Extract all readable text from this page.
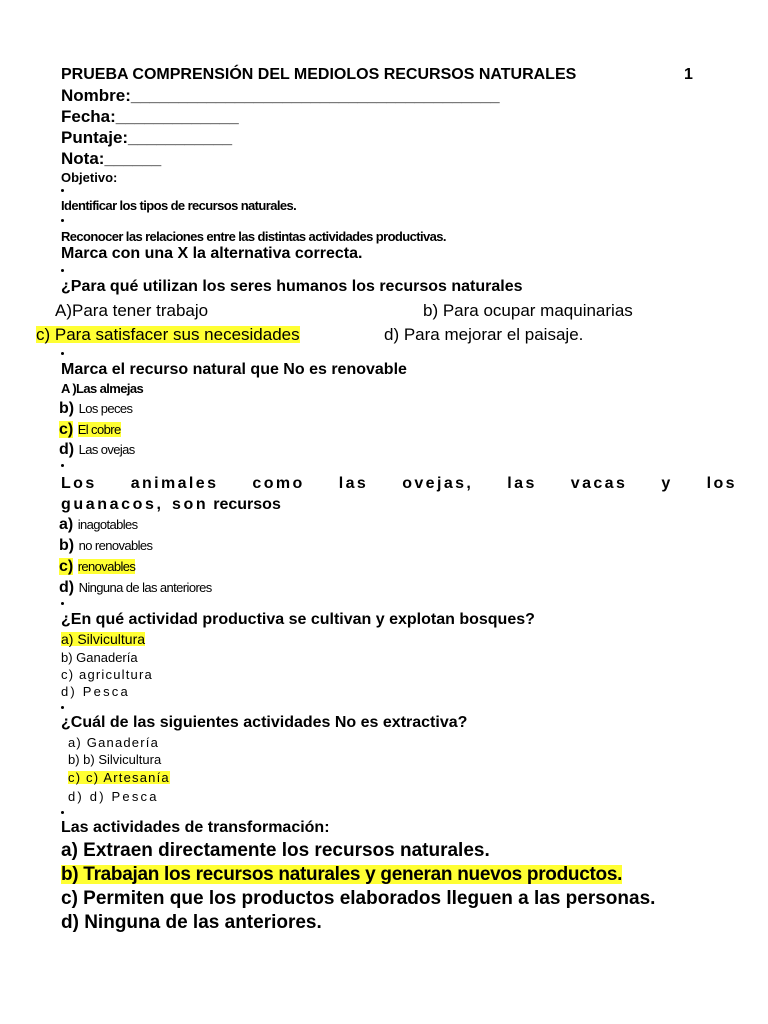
PRUEBA COMPRENSIÓN DEL MEDIOLOS RECURSOS NATURALES	1
Nombre:_______________________________________
Fecha:_____________
Puntaje:___________
Nota:______
Objetivo:
Identificar los tipos de recursos naturales.
Reconocer las relaciones entre las distintas actividades productivas.
Marca con una X la alternativa correcta.
¿Para qué utilizan los seres humanos los recursos naturales
A)Para tener trabajo	b) Para ocupar maquinarias
c) Para satisfacer sus necesidades	d) Para mejorar el paisaje.
Marca el recurso natural que No es renovable
A )Las almejas
b) Los peces
c) El cobre
d) Las ovejas
Los animales como las ovejas, las vacas y los
guanacos, son recursos
a) inagotables
b) no renovables
c) renovables
d) Ninguna de las anteriores
¿En qué actividad productiva se cultivan y explotan bosques?
a) Silvicultura
b) Ganadería
c) agricultura
d) Pesca
¿Cuál de las siguientes actividades No es extractiva?
a) Ganadería
b) b) Silvicultura
c) c) Artesanía
d) d) Pesca
Las actividades de transformación:
a) Extraen directamente los recursos naturales.
b) Trabajan los recursos naturales y generan nuevos productos.
c) Permiten que los productos elaborados lleguen a las personas.
d) Ninguna de las anteriores.
